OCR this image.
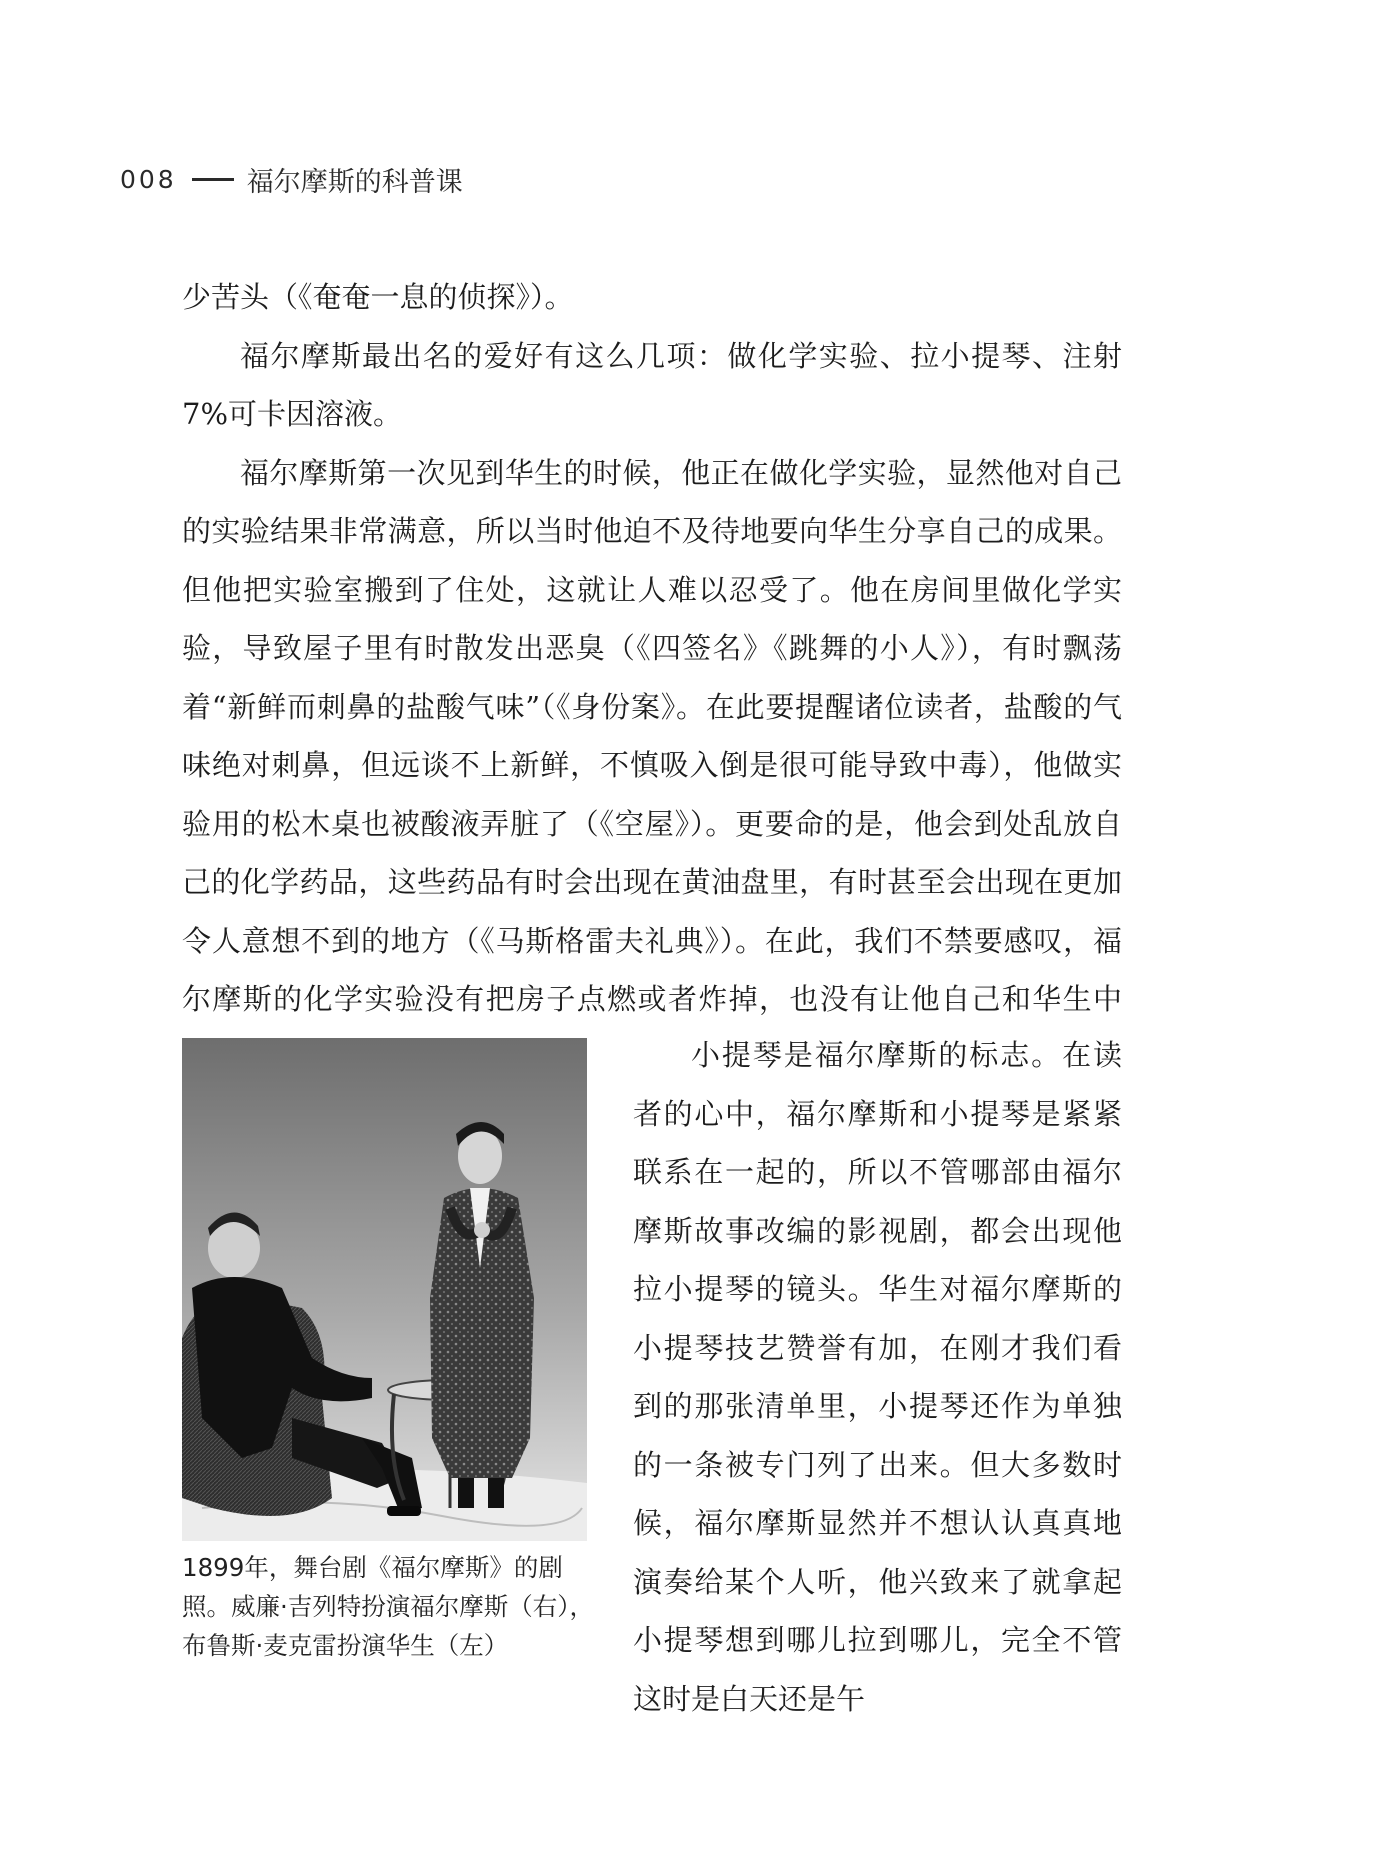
008	福尔摩斯的科普课

少苦头（《奄奄一息的侦探》）。

福尔摩斯最出名的爱好有这么几项：做化学实验、拉小提琴、注射7%可卡因溶液。

福尔摩斯第一次见到华生的时候，他正在做化学实验，显然他对自己的实验结果非常满意，所以当时他迫不及待地要向华生分享自己的成果。但他把实验室搬到了住处，这就让人难以忍受了。他在房间里做化学实验，导致屋子里有时散发出恶臭（《四签名》《跳舞的小人》），有时飘荡着“新鲜而刺鼻的盐酸气味”（《身份案》。在此要提醒诸位读者，盐酸的气味绝对刺鼻，但远谈不上新鲜，不慎吸入倒是很可能导致中毒），他做实验用的松木桌也被酸液弄脏了（《空屋》）。更要命的是，他会到处乱放自己的化学药品，这些药品有时会出现在黄油盘里，有时甚至会出现在更加令人意想不到的地方（《马斯格雷夫礼典》）。在此，我们不禁要感叹，福尔摩斯的化学实验没有把房子点燃或者炸掉，也没有让他自己和华生中

1899年，舞台剧《福尔摩斯》的剧照。威廉·吉列特扮演福尔摩斯（右），布鲁斯·麦克雷扮演华生（左）

小提琴是福尔摩斯的标志。在读者的心中，福尔摩斯和小提琴是紧紧联系在一起的，所以不管哪部由福尔摩斯故事改编的影视剧，都会出现他拉小提琴的镜头。华生对福尔摩斯的小提琴技艺赞誉有加，在刚才我们看到的那张清单里，小提琴还作为单独的一条被专门列了出来。但大多数时候，福尔摩斯显然并不想认认真真地演奏给某个人听，他兴致来了就拿起小提琴想到哪儿拉到哪儿，完全不管这时是白天还是午
